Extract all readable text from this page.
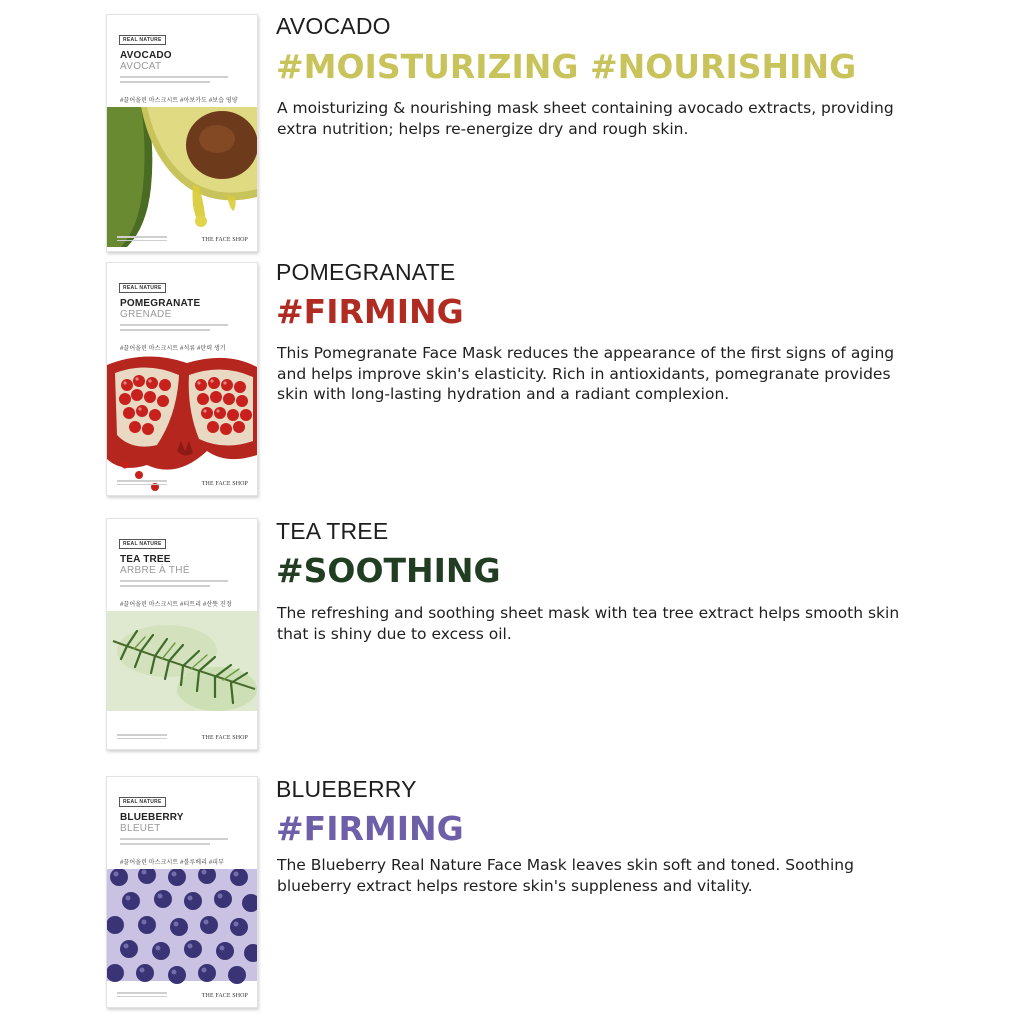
REAL NATURE
AVOCADO
AVOCAT
#끌어올린 마스크시트 #아보카도 #보습 영양
THE FACE SHOP
AVOCADO
#MOISTURIZING #NOURISHING
A moisturizing & nourishing mask sheet containing avocado extracts, providing extra nutrition; helps re-energize dry and rough skin.
REAL NATURE
POMEGRANATE
GRENADE
#끌어올린 마스크시트 #석류 #탄력 생기
THE FACE SHOP
POMEGRANATE
#FIRMING
This Pomegranate Face Mask reduces the appearance of the first signs of aging and helps improve skin's elasticity. Rich in antioxidants, pomegranate provides skin with long-lasting hydration and a radiant complexion.
REAL NATURE
TEA TREE
ARBRE À THÉ
#끌어올린 마스크시트 #티트리 #산뜻 진정
THE FACE SHOP
TEA TREE
#SOOTHING
The refreshing and soothing sheet mask with tea tree extract helps smooth skin that is shiny due to excess oil.
REAL NATURE
BLUEBERRY
BLEUET
#끌어올린 마스크시트 #블루베리 #피부
THE FACE SHOP
BLUEBERRY
#FIRMING
The Blueberry Real Nature Face Mask leaves skin soft and toned. Soothing blueberry extract helps restore skin's suppleness and vitality.
